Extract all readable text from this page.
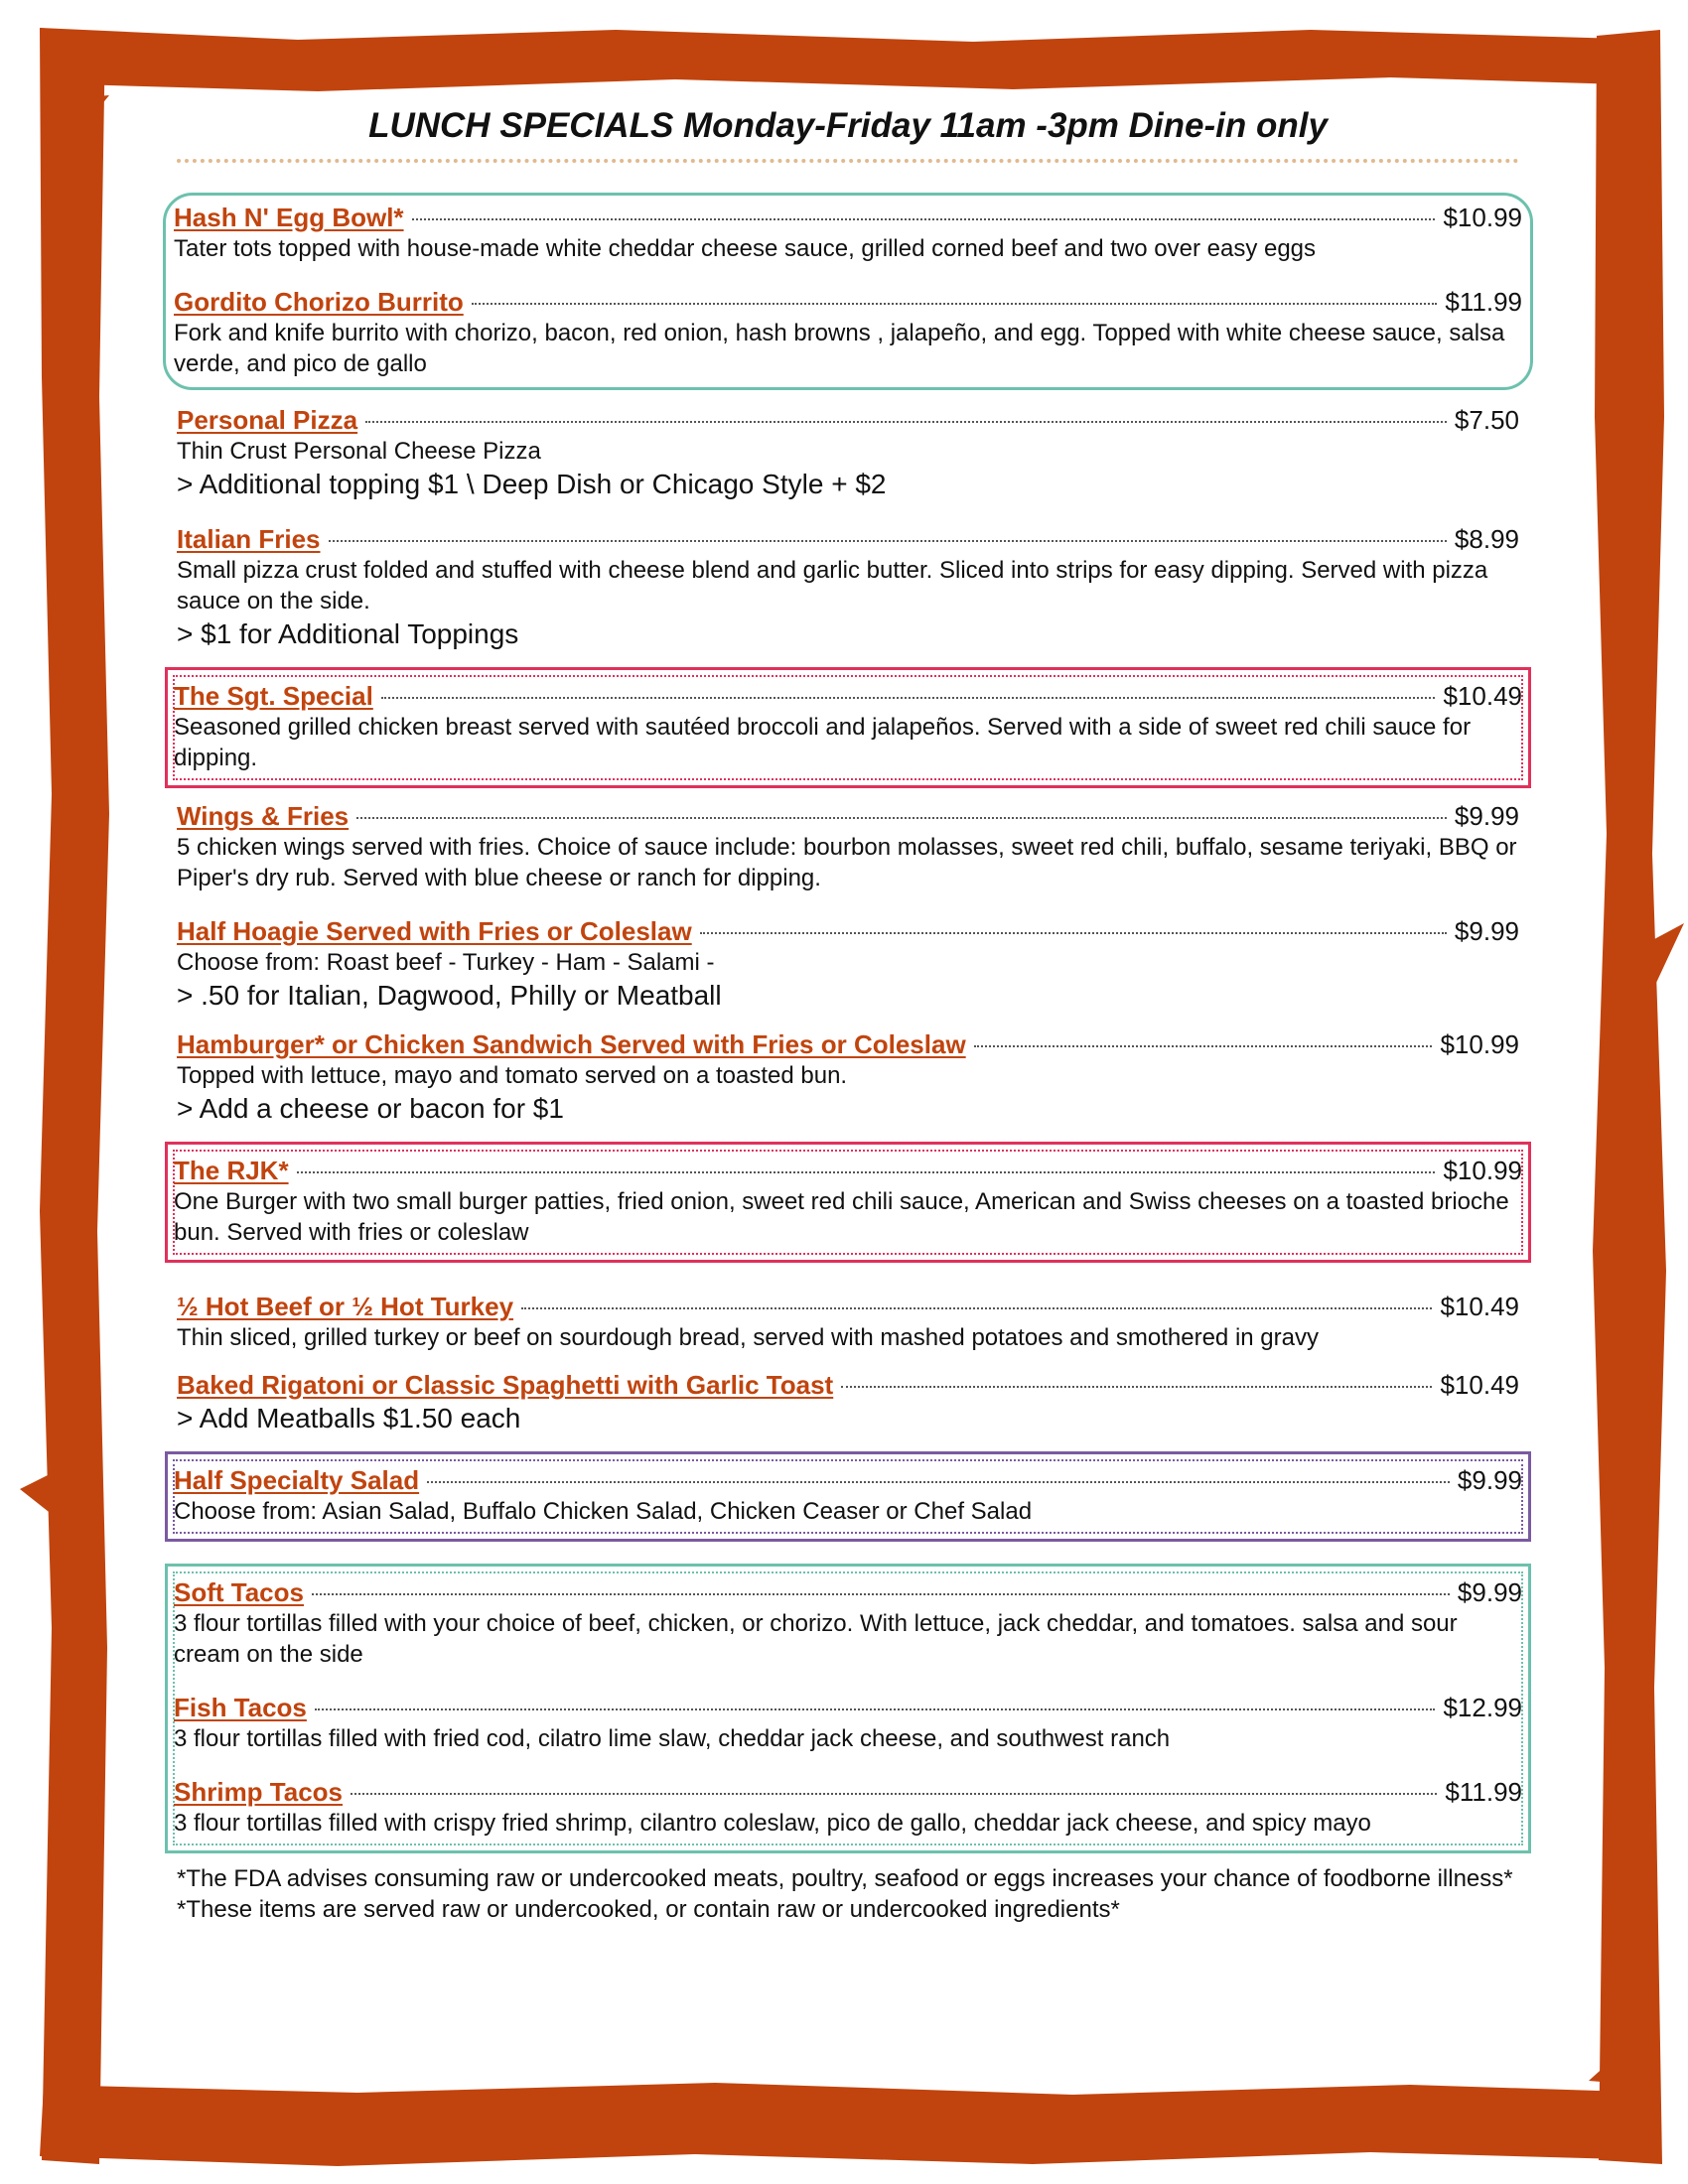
LUNCH SPECIALS Monday-Friday 11am -3pm Dine-in only
Hash N' Egg Bowl*	$10.99
Tater tots topped with house-made white cheddar cheese sauce, grilled corned beef and two over easy eggs
Gordito Chorizo Burrito	$11.99
Fork and knife burrito with chorizo, bacon, red onion, hash browns , jalapeño, and egg. Topped with white cheese sauce, salsa verde, and pico de gallo
Personal Pizza	$7.50
Thin Crust Personal Cheese Pizza
> Additional topping $1 \ Deep Dish or Chicago Style + $2
Italian Fries	$8.99
Small pizza crust folded and stuffed with cheese blend and garlic butter. Sliced into strips for easy dipping. Served with pizza sauce on the side.
> $1 for Additional Toppings
The Sgt. Special	$10.49
Seasoned grilled chicken breast served with sautéed broccoli and jalapeños. Served with a side of sweet red chili sauce for dipping.
Wings & Fries	$9.99
5 chicken wings served with fries. Choice of sauce include: bourbon molasses, sweet red chili, buffalo, sesame teriyaki, BBQ or Piper's dry rub. Served with blue cheese or ranch for dipping.
Half Hoagie Served with Fries or Coleslaw	$9.99
Choose from: Roast beef - Turkey - Ham - Salami -
> .50 for Italian, Dagwood, Philly or Meatball
Hamburger* or Chicken Sandwich Served with Fries or Coleslaw	$10.99
Topped with lettuce, mayo and tomato served on a toasted bun.
> Add a cheese or bacon for $1
The RJK*	$10.99
One Burger with two small burger patties, fried onion, sweet red chili sauce, American and Swiss cheeses on a toasted brioche bun. Served with fries or coleslaw
½ Hot Beef or ½ Hot Turkey	$10.49
Thin sliced, grilled turkey or beef on sourdough bread, served with mashed potatoes and smothered in gravy
Baked Rigatoni or Classic Spaghetti with Garlic Toast	$10.49
> Add Meatballs $1.50 each
Half Specialty Salad	$9.99
Choose from: Asian Salad, Buffalo Chicken Salad, Chicken Ceaser or Chef Salad
Soft Tacos	$9.99
3 flour tortillas filled with your choice of beef, chicken, or chorizo. With lettuce, jack cheddar, and tomatoes. salsa and sour cream on the side
Fish Tacos	$12.99
3 flour tortillas filled with fried cod, cilatro lime slaw, cheddar jack cheese, and southwest ranch
Shrimp Tacos	$11.99
3 flour tortillas filled with crispy fried shrimp, cilantro coleslaw, pico de gallo, cheddar jack cheese, and spicy mayo
*The FDA advises consuming raw or undercooked meats, poultry, seafood or eggs increases your chance of foodborne illness* *These items are served raw or undercooked, or contain raw or undercooked ingredients*
